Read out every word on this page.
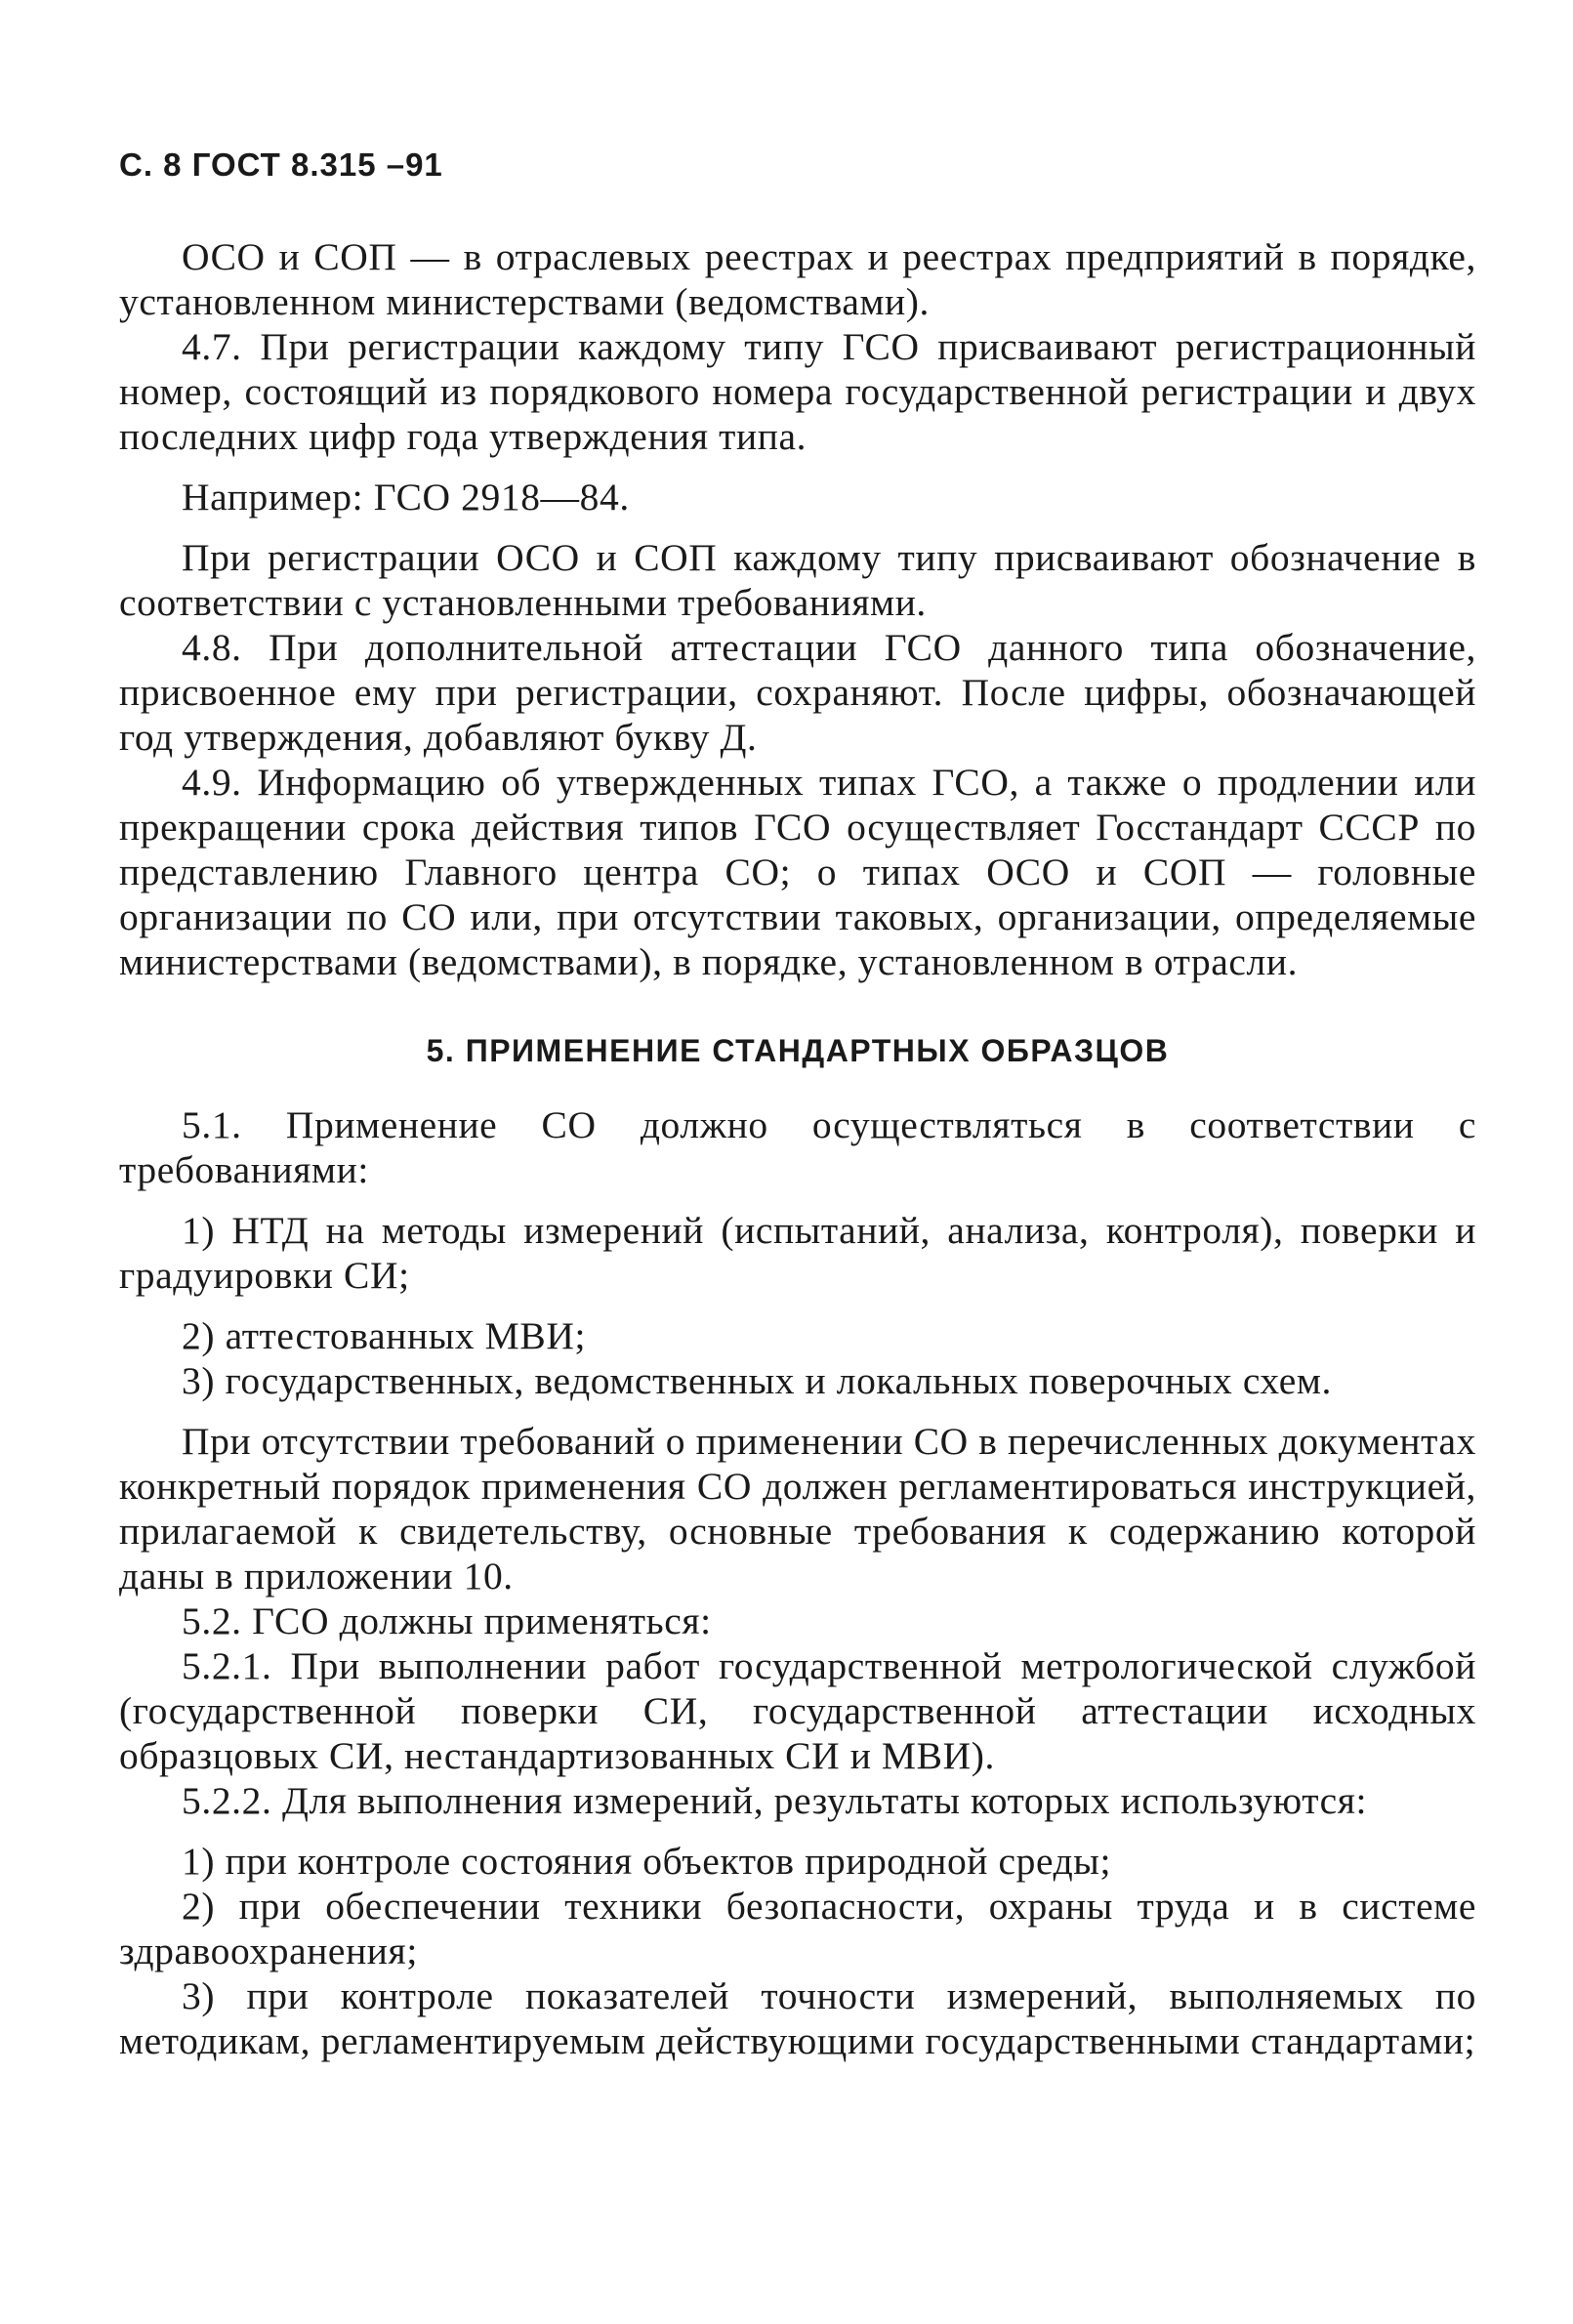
С. 8 ГОСТ 8.315 –91

ОСО и СОП — в отраслевых реестрах и реестрах предприятий в порядке, установленном министерствами (ведомствами).

4.7. При регистрации каждому типу ГСО присваивают регистрационный номер, состоящий из порядкового номера государственной регистрации и двух последних цифр года утверждения типа.

Например: ГСО 2918—84.

При регистрации ОСО и СОП каждому типу присваивают обозначение в соответствии с установленными требованиями.

4.8. При дополнительной аттестации ГСО данного типа обозначение, присвоенное ему при регистрации, сохраняют. После цифры, обозначающей год утверждения, добавляют букву Д.

4.9. Информацию об утвержденных типах ГСО, а также о продлении или прекращении срока действия типов ГСО осуществляет Госстандарт СССР по представлению Главного центра СО; о типах ОСО и СОП — головные организации по СО или, при отсутствии таковых, организации, определяемые министерствами (ведомствами), в порядке, установленном в отрасли.

5. ПРИМЕНЕНИЕ СТАНДАРТНЫХ ОБРАЗЦОВ

5.1. Применение СО должно осуществляться в соответствии с требованиями:

1) НТД на методы измерений (испытаний, анализа, контроля), поверки и градуировки СИ;

2) аттестованных МВИ;

3) государственных, ведомственных и локальных поверочных схем.

При отсутствии требований о применении СО в перечисленных документах конкретный порядок применения СО должен регламентироваться инструкцией, прилагаемой к свидетельству, основные требования к содержанию которой даны в приложении 10.

5.2. ГСО должны применяться:

5.2.1. При выполнении работ государственной метрологической службой (государственной поверки СИ, государственной аттестации исходных образцовых СИ, нестандартизованных СИ и МВИ).

5.2.2. Для выполнения измерений, результаты которых используются:

1) при контроле состояния объектов природной среды;

2) при обеспечении техники безопасности, охраны труда и в системе здравоохранения;

3) при контроле показателей точности измерений, выполняемых по методикам, регламентируемым действующими государственными стандартами;
